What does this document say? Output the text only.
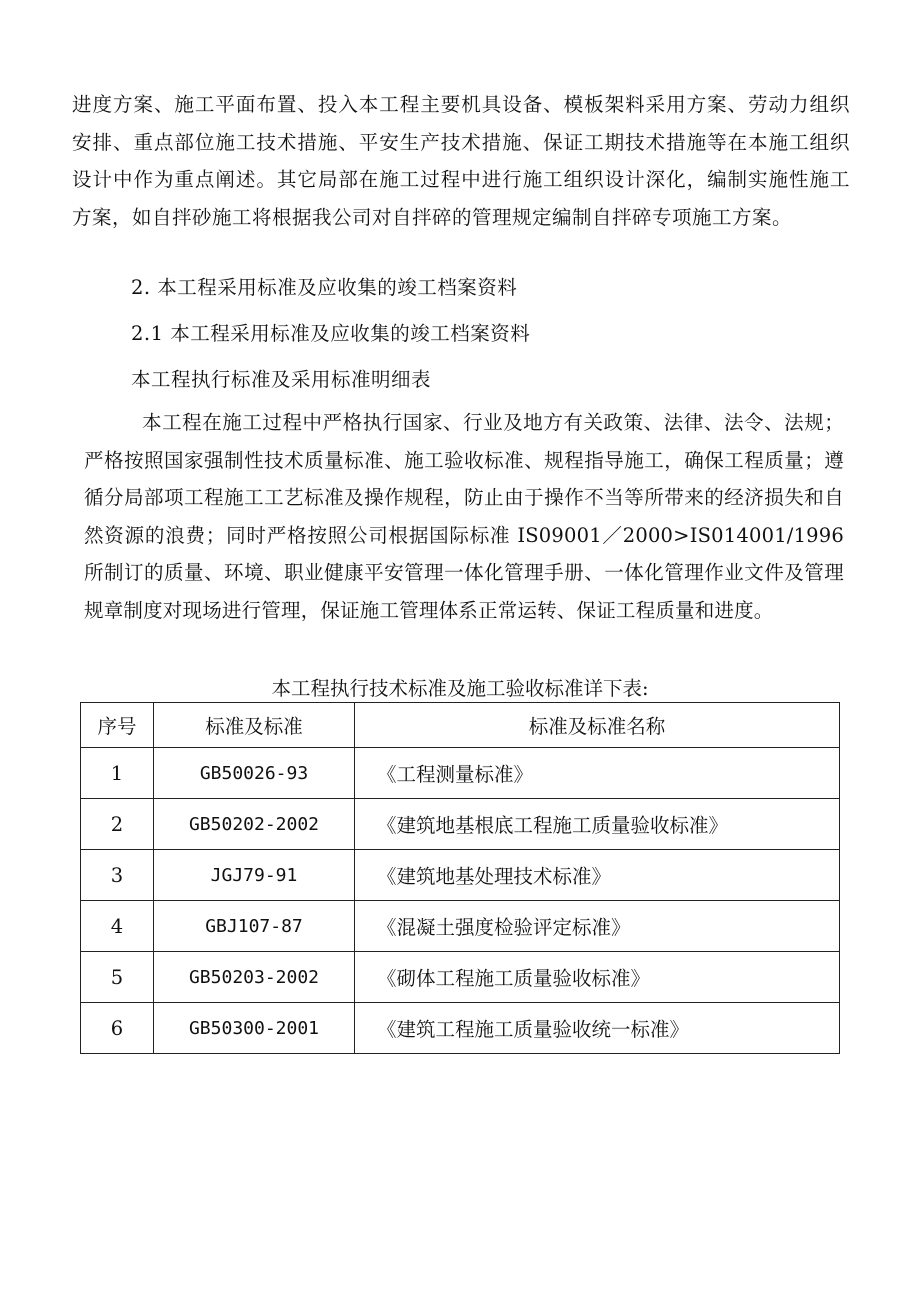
进度方案、施工平面布置、投入本工程主要机具设备、模板架料采用方案、劳动力组织安排、重点部位施工技术措施、平安生产技术措施、保证工期技术措施等在本施工组织设计中作为重点阐述。其它局部在施工过程中进行施工组织设计深化，编制实施性施工方案，如自拌砂施工将根据我公司对自拌碎的管理规定编制自拌碎专项施工方案。

2. 本工程采用标准及应收集的竣工档案资料

2.1 本工程采用标准及应收集的竣工档案资料

本工程执行标准及采用标准明细表

本工程在施工过程中严格执行国家、行业及地方有关政策、法律、法令、法规；严格按照国家强制性技术质量标准、施工验收标准、规程指导施工，确保工程质量；遵循分局部项工程施工工艺标准及操作规程，防止由于操作不当等所带来的经济损失和自然资源的浪费；同时严格按照公司根据国际标准 IS09001／2000>IS014001/1996 所制订的质量、环境、职业健康平安管理一体化管理手册、一体化管理作业文件及管理规章制度对现场进行管理，保证施工管理体系正常运转、保证工程质量和进度。

本工程执行技术标准及施工验收标准详下表:

序号	标准及标准	标准及标准名称
1	GB50026-93	《工程测量标准》
2	GB50202-2002	《建筑地基根底工程施工质量验收标准》
3	JGJ79-91	《建筑地基处理技术标准》
4	GBJ107-87	《混凝土强度检验评定标准》
5	GB50203-2002	《砌体工程施工质量验收标准》
6	GB50300-2001	《建筑工程施工质量验收统一标准》
